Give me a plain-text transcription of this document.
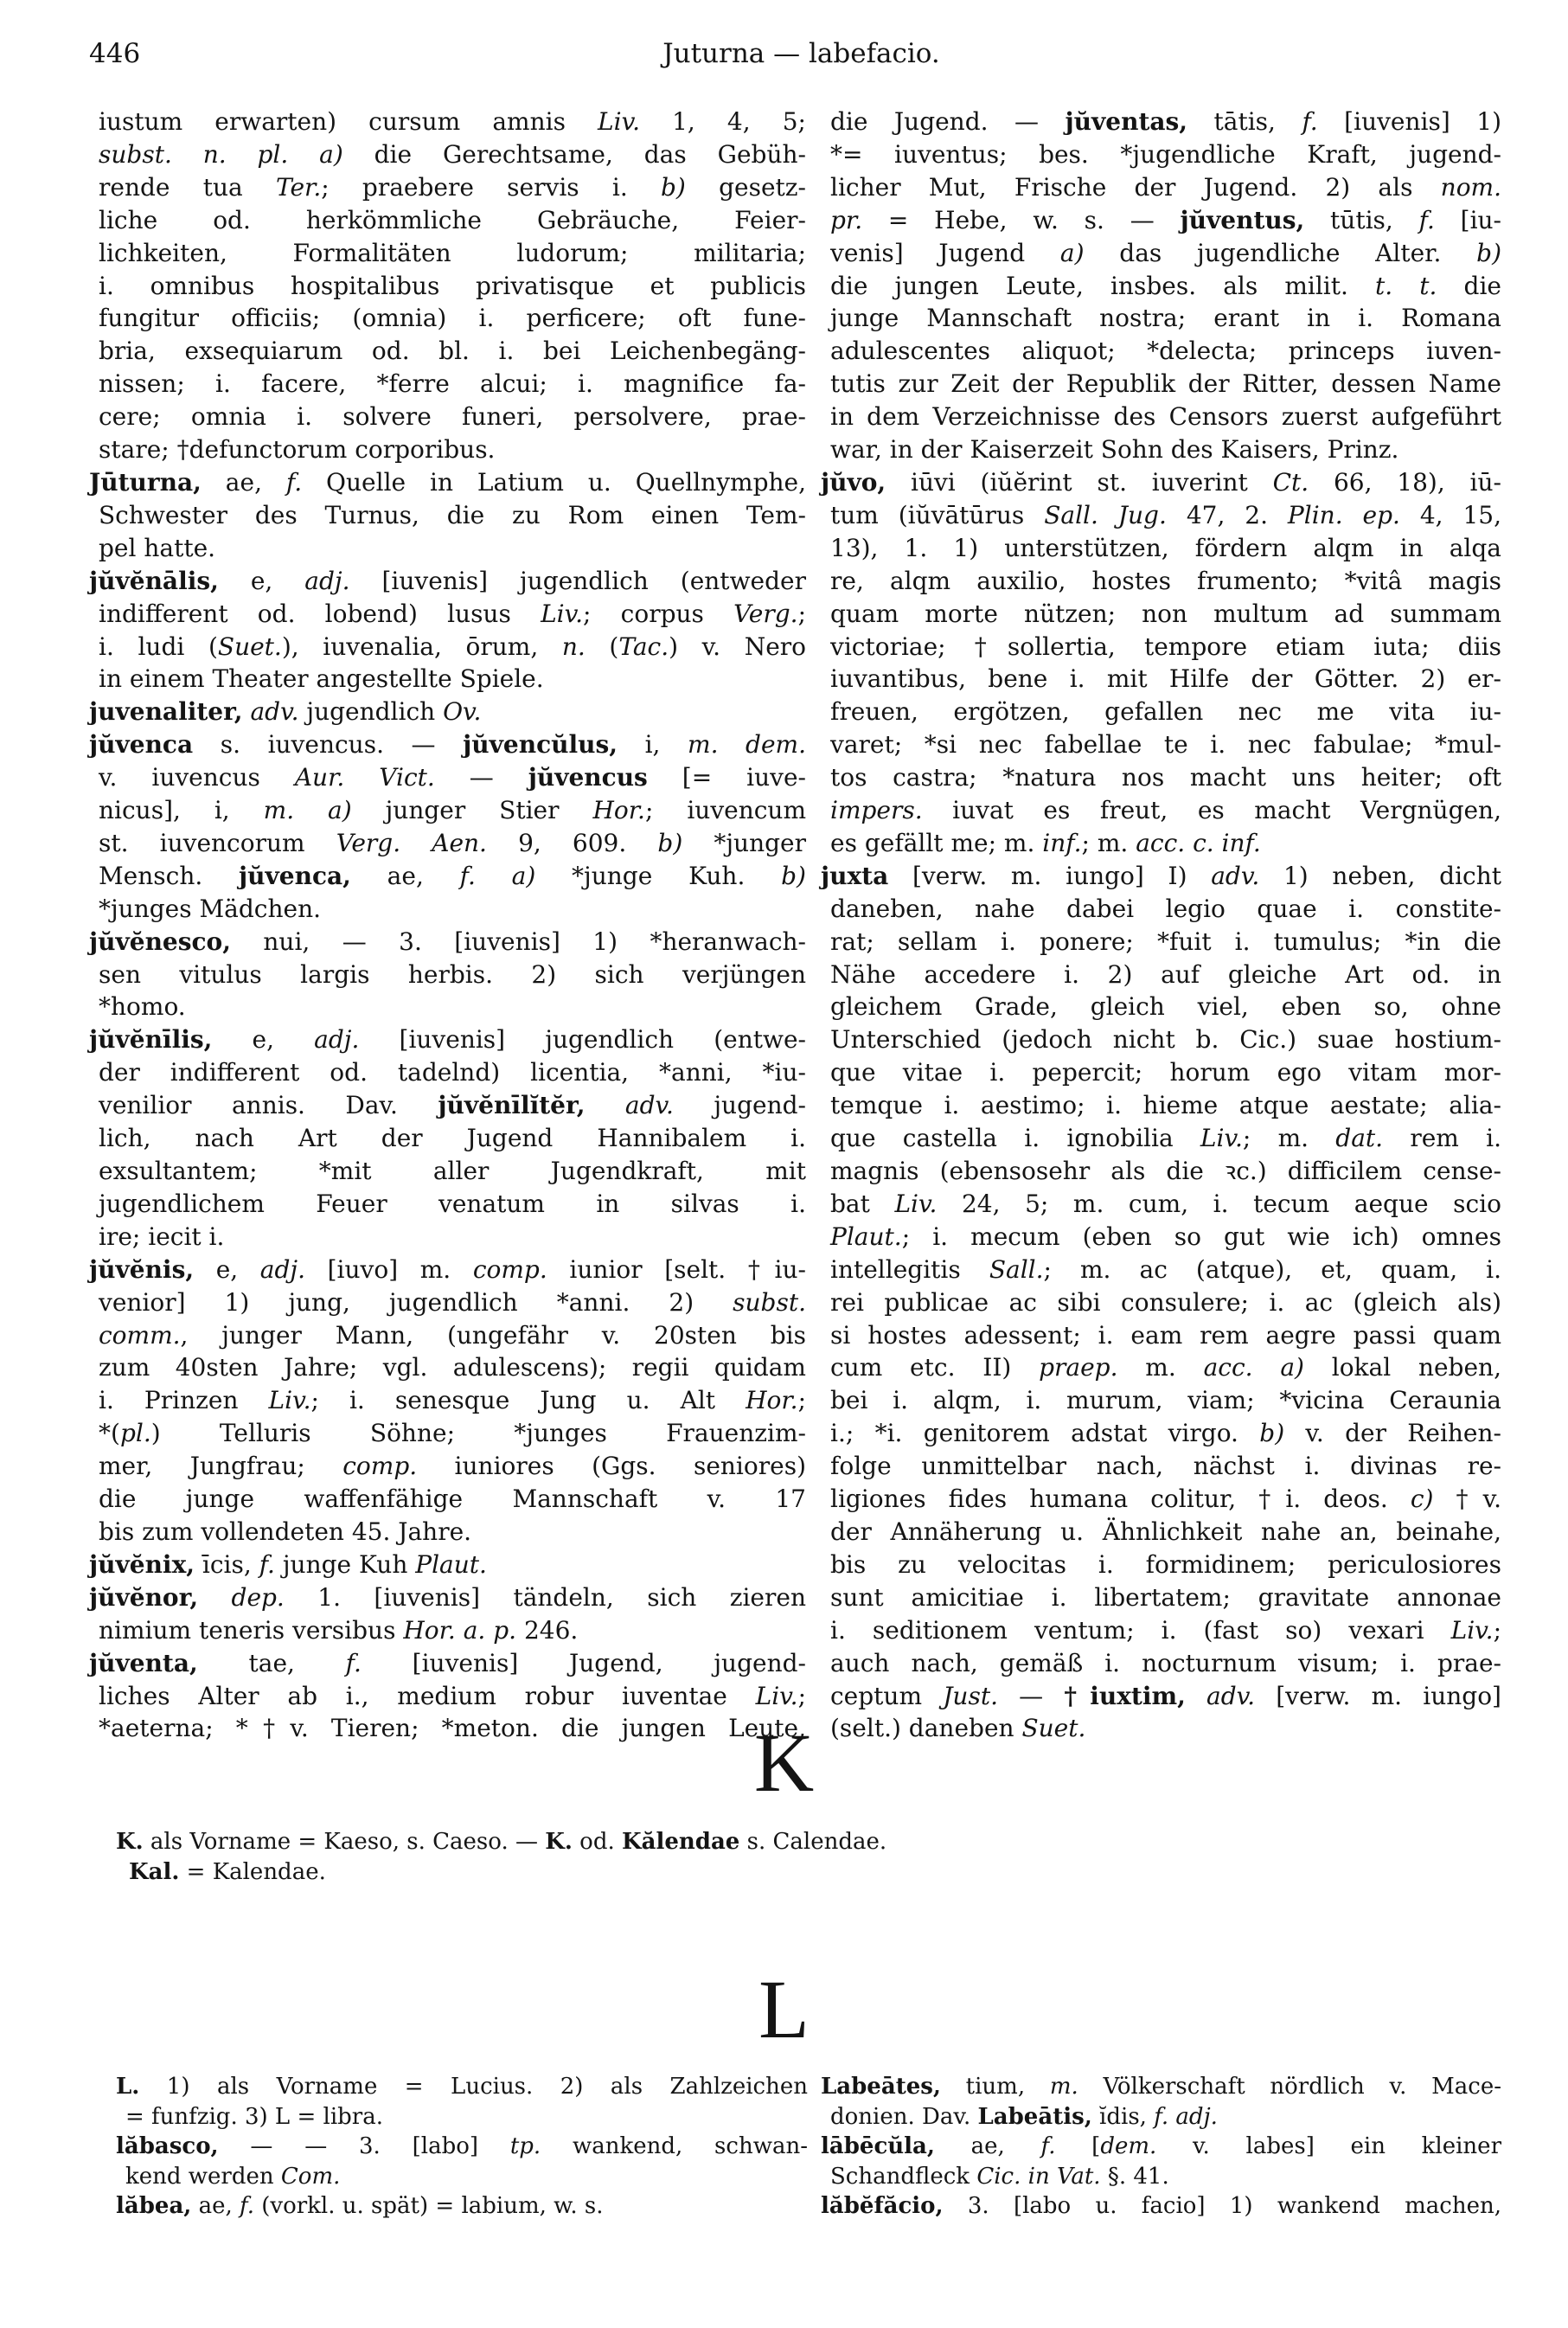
446	Juturna — labefacio.
iustum erwarten) cursum amnis Liv. 1, 4, 5;
subst. n. pl. a) die Gerechtsame, das Gebüh-
rende tua Ter.; praebere servis i. b) gesetz-
liche od. herkömmliche Gebräuche, Feier-
lichkeiten, Formalitäten ludorum; militaria;
i. omnibus hospitalibus privatisque et publicis
fungitur officiis; (omnia) i. perficere; oft fune-
bria, exsequiarum od. bl. i. bei Leichenbegäng-
nissen; i. facere, *ferre alcui; i. magnifice fa-
cere; omnia i. solvere funeri, persolvere, prae-
stare; †defunctorum corporibus.
Jūturna, ae, f. Quelle in Latium u. Quellnymphe,
Schwester des Turnus, die zu Rom einen Tem-
pel hatte.
jŭvĕnālis, e, adj. [iuvenis] jugendlich (entweder
indifferent od. lobend) lusus Liv.; corpus Verg.;
i. ludi (Suet.), iuvenalia, ōrum, n. (Tac.) v. Nero
in einem Theater angestellte Spiele.
juvenaliter, adv. jugendlich Ov.
jŭvenca s. iuvencus. — jŭvencŭlus, i, m. dem.
v. iuvencus Aur. Vict. — jŭvencus [= iuve-
nicus], i, m. a) junger Stier Hor.; iuvencum
st. iuvencorum Verg. Aen. 9, 609. b) *junger
Mensch. jŭvenca, ae, f. a) *junge Kuh. b)
*junges Mädchen.
jŭvĕnesco, nui, — 3. [iuvenis] 1) *heranwach-
sen vitulus largis herbis. 2) sich verjüngen
*homo.
jŭvĕnīlis, e, adj. [iuvenis] jugendlich (entwe-
der indifferent od. tadelnd) licentia, *anni, *iu-
venilior annis. Dav. jŭvĕnīlĭtĕr, adv. jugend-
lich, nach Art der Jugend Hannibalem i.
exsultantem; *mit aller Jugendkraft, mit
jugendlichem Feuer venatum in silvas i.
ire; iecit i.
jŭvĕnis, e, adj. [iuvo] m. comp. iunior [selt. †iu-
venior] 1) jung, jugendlich *anni. 2) subst.
comm., junger Mann, (ungefähr v. 20sten bis
zum 40sten Jahre; vgl. adulescens); regii quidam
i. Prinzen Liv.; i. senesque Jung u. Alt Hor.;
*(pl.) Telluris Söhne; *junges Frauenzim-
mer, Jungfrau; comp. iuniores (Ggs. seniores)
die junge waffenfähige Mannschaft v. 17
bis zum vollendeten 45. Jahre.
jŭvĕnix, īcis, f. junge Kuh Plaut.
jŭvĕnor, dep. 1. [iuvenis] tändeln, sich zieren
nimium teneris versibus Hor. a. p. 246.
jŭventa, tae, f. [iuvenis] Jugend, jugend-
liches Alter ab i., medium robur iuventae Liv.;
*aeterna; *†v. Tieren; *meton. die jungen Leute,
die Jugend. — jŭventas, tātis, f. [iuvenis] 1)
*= iuventus; bes. *jugendliche Kraft, jugend-
licher Mut, Frische der Jugend. 2) als nom.
pr. = Hebe, w. s. — jŭventus, tūtis, f. [iu-
venis] Jugend a) das jugendliche Alter. b)
die jungen Leute, insbes. als milit. t. t. die
junge Mannschaft nostra; erant in i. Romana
adulescentes aliquot; *delecta; princeps iuven-
tutis zur Zeit der Republik der Ritter, dessen Name
in dem Verzeichnisse des Censors zuerst aufgeführt
war, in der Kaiserzeit Sohn des Kaisers, Prinz.
jŭvo, iūvi (iŭĕrint st. iuverint Ct. 66, 18), iū-
tum (iŭvātūrus Sall. Jug. 47, 2. Plin. ep. 4, 15,
13), 1. 1) unterstützen, fördern alqm in alqa
re, alqm auxilio, hostes frumento; *vitâ magis
quam morte nützen; non multum ad summam
victoriae; †sollertia, tempore etiam iuta; diis
iuvantibus, bene i. mit Hilfe der Götter. 2) er-
freuen, ergötzen, gefallen nec me vita iu-
varet; *si nec fabellae te i. nec fabulae; *mul-
tos castra; *natura nos macht uns heiter; oft
impers. iuvat es freut, es macht Vergnügen,
es gefällt me; m. inf.; m. acc. c. inf.
juxta [verw. m. iungo] I) adv. 1) neben, dicht
daneben, nahe dabei legio quae i. constite-
rat; sellam i. ponere; *fuit i. tumulus; *in die
Nähe accedere i. 2) auf gleiche Art od. in
gleichem Grade, gleich viel, eben so, ohne
Unterschied (jedoch nicht b. Cic.) suae hostium-
que vitae i. pepercit; horum ego vitam mor-
temque i. aestimo; i. hieme atque aestate; alia-
que castella i. ignobilia Liv.; m. dat. rem i.
magnis (ebensosehr als die ꝛc.) difficilem cense-
bat Liv. 24, 5; m. cum, i. tecum aeque scio
Plaut.; i. mecum (eben so gut wie ich) omnes
intellegitis Sall.; m. ac (atque), et, quam, i.
rei publicae ac sibi consulere; i. ac (gleich als)
si hostes adessent; i. eam rem aegre passi quam
cum etc. II) praep. m. acc. a) lokal neben,
bei i. alqm, i. murum, viam; *vicina Ceraunia
i.; *i. genitorem adstat virgo. b) v. der Reihen-
folge unmittelbar nach, nächst i. divinas re-
ligiones fides humana colitur, †i. deos. c) †v.
der Annäherung u. Ähnlichkeit nahe an, beinahe,
bis zu velocitas i. formidinem; periculosiores
sunt amicitiae i. libertatem; gravitate annonae
i. seditionem ventum; i. (fast so) vexari Liv.;
auch nach, gemäß i. nocturnum visum; i. prae-
ceptum Just. — †iuxtim, adv. [verw. m. iungo]
(selt.) daneben Suet.
K
K. als Vorname = Kaeso, s. Caeso. — K. od. Kălendae s. Calendae.
Kal. = Kalendae.
L
L. 1) als Vorname = Lucius. 2) als Zahlzeichen
= funfzig. 3) L = libra.
lăbasco, — — 3. [labo] tp. wankend, schwan-
kend werden Com.
lăbea, ae, f. (vorkl. u. spät) = labium, w. s.
Labeātes, tium, m. Völkerschaft nördlich v. Mace-
donien. Dav. Labeātis, ĭdis, f. adj.
lābēcŭla, ae, f. [dem. v. labes] ein kleiner
Schandfleck Cic. in Vat. §. 41.
lăbĕfăcio, 3. [labo u. facio] 1) wankend machen,
